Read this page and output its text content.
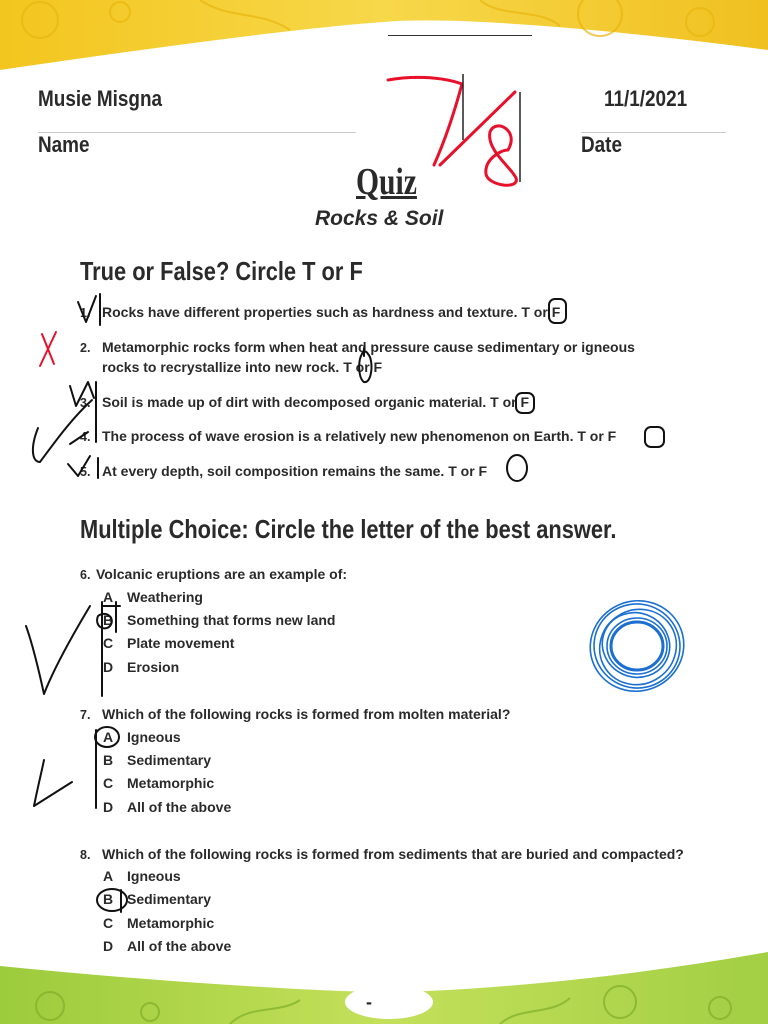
Musie Misgna	11/1/2021
Name	Date
Quiz
Rocks & Soil
True or False? Circle T or F
1. Rocks have different properties such as hardness and texture. T or F
2. Metamorphic rocks form when heat and pressure cause sedimentary or igneous
rocks to recrystallize into new rock. T or F
3. Soil is made up of dirt with decomposed organic material. T or F
4. The process of wave erosion is a relatively new phenomenon on Earth. T or F
5. At every depth, soil composition remains the same. T or F
Multiple Choice: Circle the letter of the best answer.
6. Volcanic eruptions are an example of:
A Weathering
B Something that forms new land
C Plate movement
D Erosion
7. Which of the following rocks is formed from molten material?
A Igneous
B Sedimentary
C Metamorphic
D All of the above
8. Which of the following rocks is formed from sediments that are buried and compacted?
A Igneous
B Sedimentary
C Metamorphic
D All of the above
-
